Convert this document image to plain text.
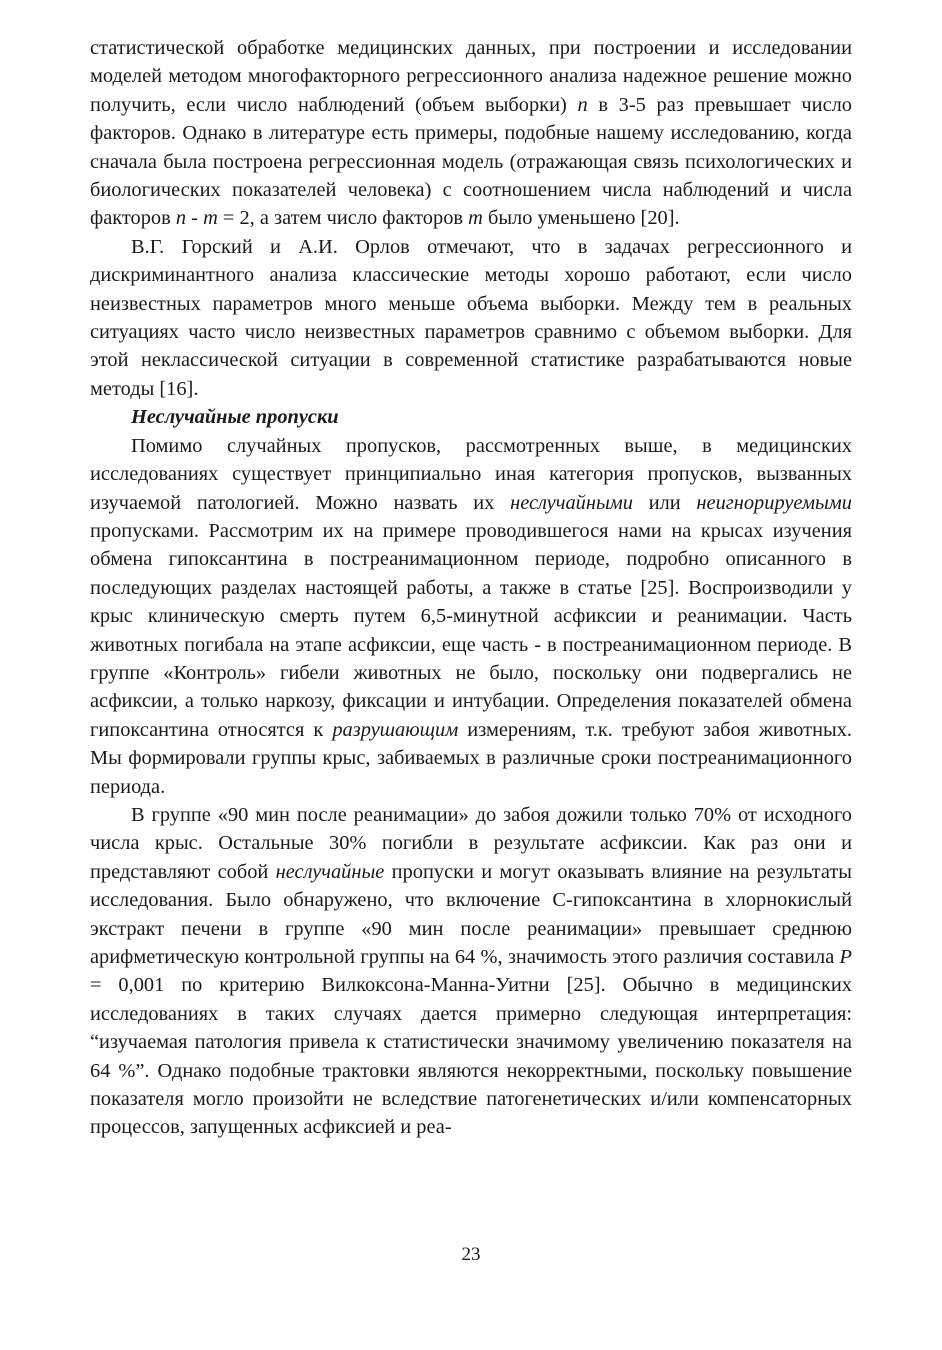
статистической обработке медицинских данных, при построении и исследовании моделей методом многофакторного регрессионного анализа надежное решение можно получить, если число наблюдений (объем выборки) n в 3-5 раз превышает число факторов. Однако в литературе есть примеры, подобные нашему исследованию, когда сначала была построена регрессионная модель (отражающая связь психологических и биологических показателей человека) с соотношением числа наблюдений и числа факторов n - m = 2, а затем число факторов m было уменьшено [20].

В.Г. Горский и А.И. Орлов отмечают, что в задачах регрессионного и дискриминантного анализа классические методы хорошо работают, если число неизвестных параметров много меньше объема выборки. Между тем в реальных ситуациях часто число неизвестных параметров сравнимо с объемом выборки. Для этой неклассической ситуации в современной статистике разрабатываются новые методы [16].

Неслучайные пропуски

Помимо случайных пропусков, рассмотренных выше, в медицинских исследованиях существует принципиально иная категория пропусков, вызванных изучаемой патологией. Можно назвать их неслучайными или неигнорируемыми пропусками. Рассмотрим их на примере проводившегося нами на крысах изучения обмена гипоксантина в постреанимационном периоде, подробно описанного в последующих разделах настоящей работы, а также в статье [25]. Воспроизводили у крыс клиническую смерть путем 6,5-минутной асфиксии и реанимации. Часть животных погибала на этапе асфиксии, еще часть - в постреанимационном периоде. В группе «Контроль» гибели животных не было, поскольку они подвергались не асфиксии, а только наркозу, фиксации и интубации. Определения показателей обмена гипоксантина относятся к разрушающим измерениям, т.к. требуют забоя животных. Мы формировали группы крыс, забиваемых в различные сроки постреанимационного периода.

В группе «90 мин после реанимации» до забоя дожили только 70% от исходного числа крыс. Остальные 30% погибли в результате асфиксии. Как раз они и представляют собой неслучайные пропуски и могут оказывать влияние на результаты исследования. Было обнаружено, что включение С-гипоксантина в хлорнокислый экстракт печени в группе «90 мин после реанимации» превышает среднюю арифметическую контрольной группы на 64 %, значимость этого различия составила P = 0,001 по критерию Вилкоксона-Манна-Уитни [25]. Обычно в медицинских исследованиях в таких случаях дается примерно следующая интерпретация: “изучаемая патология привела к статистически значимому увеличению показателя на 64 %”. Однако подобные трактовки являются некорректными, поскольку повышение показателя могло произойти не вследствие патогенетических и/или компенсаторных процессов, запущенных асфиксией и реа-

23
